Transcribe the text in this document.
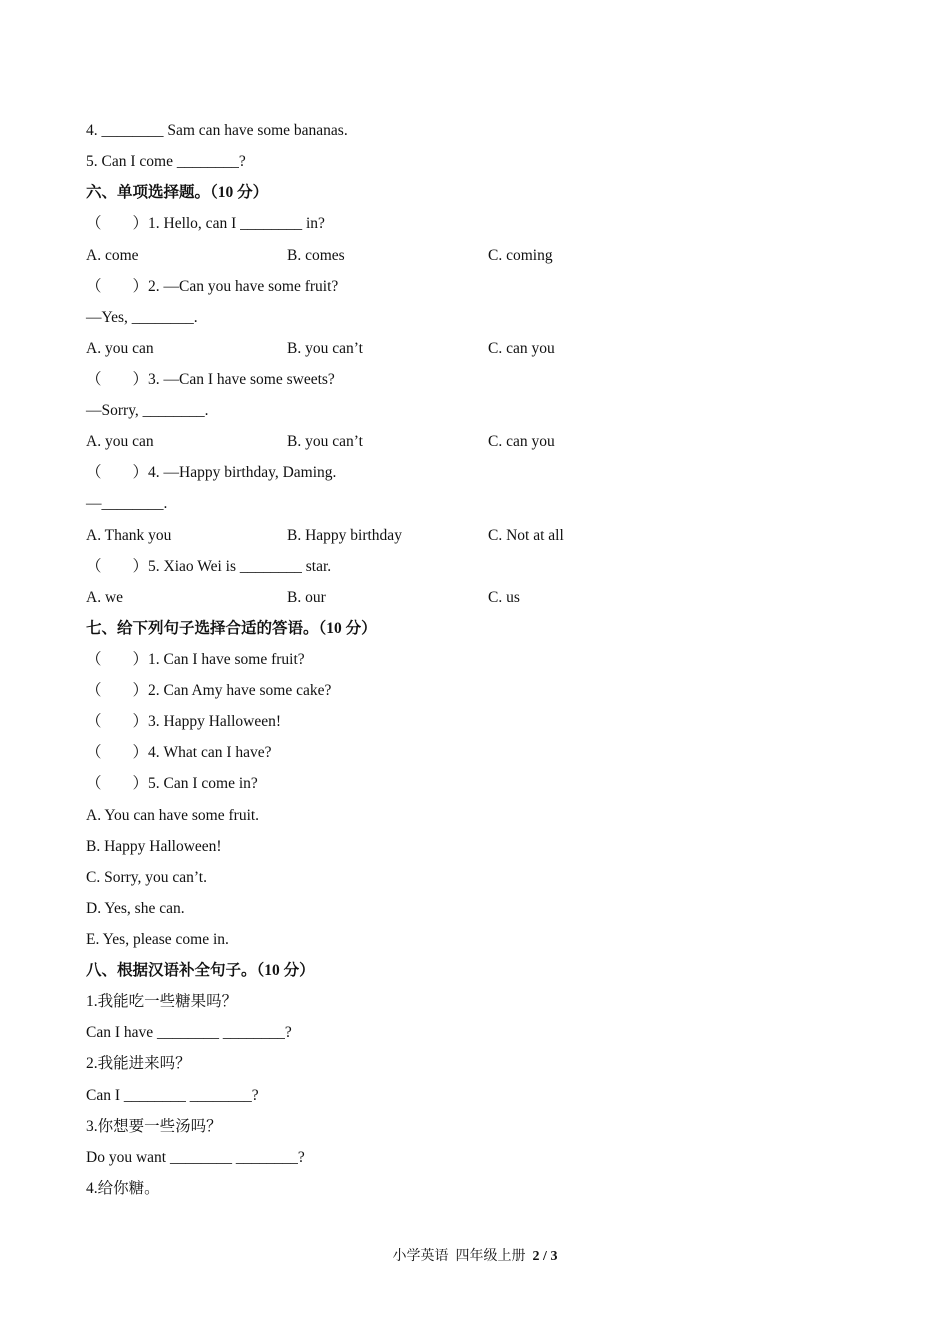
4. ________ Sam can have some bananas.
5. Can I come ________?
六、单项选择题。（10 分）
（        ）1. Hello, can I ________ in?
A. come	B. comes	C. coming
（        ）2. —Can you have some fruit?
—Yes, ________.
A. you can	B. you can’t	C. can you
（        ）3. —Can I have some sweets?
—Sorry, ________.
A. you can	B. you can’t	C. can you
（        ）4. —Happy birthday, Daming.
—________.
A. Thank you	B. Happy birthday	C. Not at all
（        ）5. Xiao Wei is ________ star.
A. we	B. our	C. us
七、给下列句子选择合适的答语。（10 分）
（        ）1. Can I have some fruit?
（        ）2. Can Amy have some cake?
（        ）3. Happy Halloween!
（        ）4. What can I have?
（        ）5. Can I come in?
A. You can have some fruit.
B. Happy Halloween!
C. Sorry, you can’t.
D. Yes, she can.
E. Yes, please come in.
八、根据汉语补全句子。（10 分）
1.我能吃一些糖果吗？
Can I have ________ ________?
2.我能进来吗？
Can I ________ ________?
3.你想要一些汤吗？
Do you want ________ ________?
4.给你糖。
小学英语  四年级上册  2 / 3
